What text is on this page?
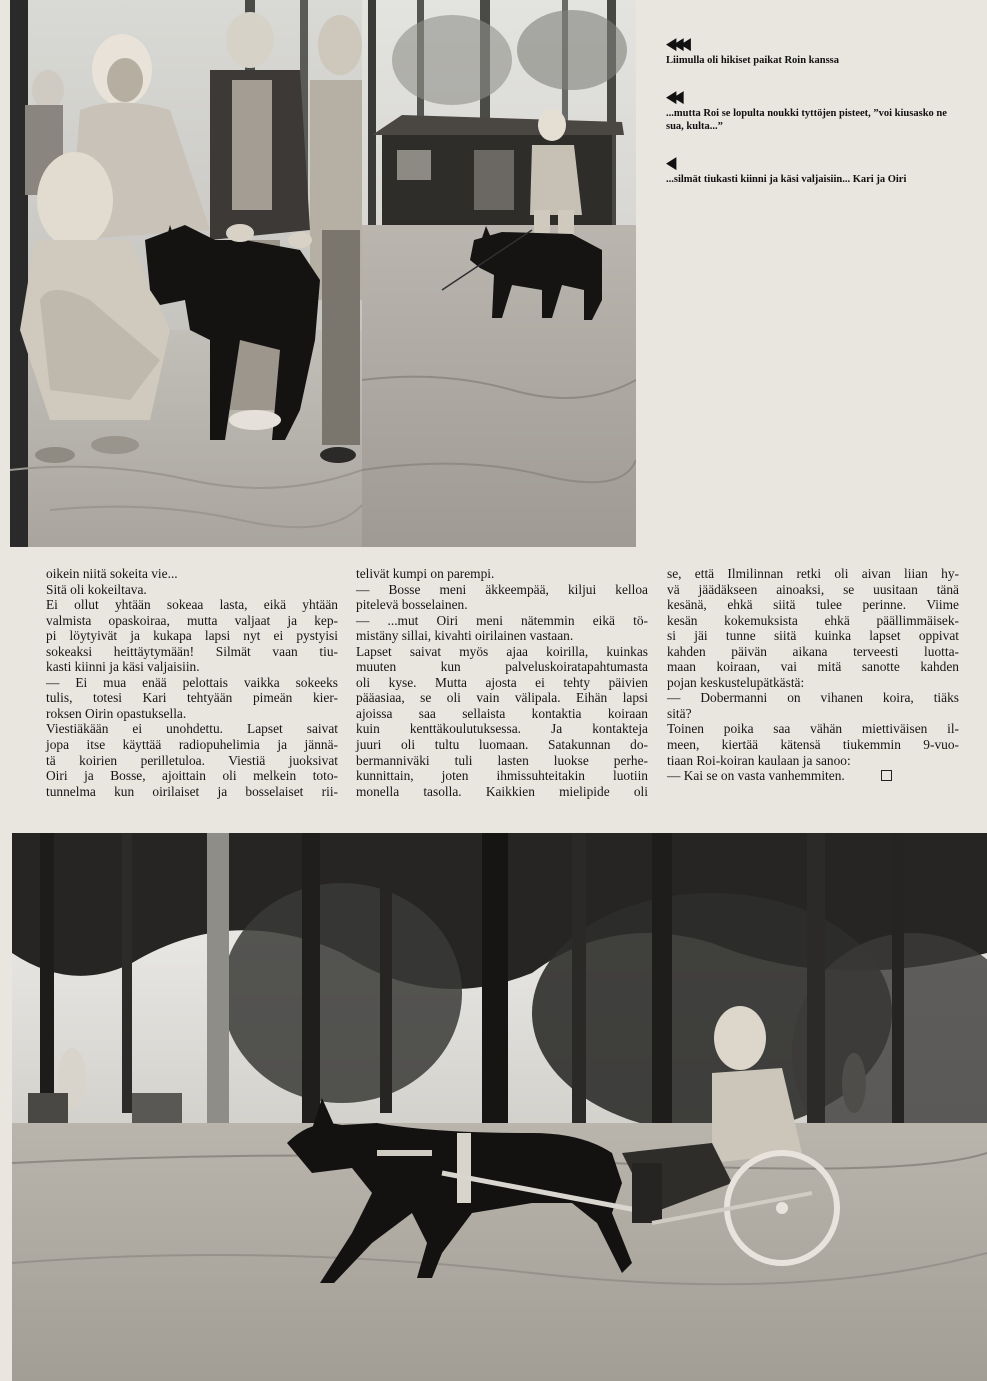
◀◀◀
Liimulla oli hikiset paikat Roin kanssa
◀◀
...mutta Roi se lopulta noukki tyttöjen pisteet, ”voi kiusasko ne sua, kulta...”
◀
...silmät tiukasti kiinni ja käsi valjaisiin... Kari ja Oiri

oikein niitä sokeita vie...

Sitä oli kokeiltava.

Ei ollut yhtään sokeaa lasta, eikä yhtään

valmista opaskoiraa, mutta valjaat ja kep-

pi löytyivät ja kukapa lapsi nyt ei pystyisi

sokeaksi heittäytymään! Silmät vaan tiu-

kasti kiinni ja käsi valjaisiin.

— Ei mua enää pelottais vaikka sokeeks

tulis, totesi Kari tehtyään pimeän kier-

roksen Oirin opastuksella.

Viestiäkään ei unohdettu. Lapset saivat

jopa itse käyttää radiopuhelimia ja jännä-

tä koirien perilletuloa. Viestiä juoksivat

Oiri ja Bosse, ajoittain oli melkein toto-

tunnelma kun oirilaiset ja bosselaiset rii-

telivät kumpi on parempi.

— Bosse meni äkkeempää, kiljui kelloa

pitelevä bosselainen.

— ...mut Oiri meni nätemmin eikä tö-

mistäny sillai, kivahti oirilainen vastaan.

Lapset saivat myös ajaa koirilla, kuinkas

muuten kun palveluskoiratapahtumasta

oli kyse. Mutta ajosta ei tehty päivien

pääasiaa, se oli vain välipala. Eihän lapsi

ajoissa saa sellaista kontaktia koiraan

kuin kenttäkoulutuksessa. Ja kontakteja

juuri oli tultu luomaan. Satakunnan do-

bermanniväki tuli lasten luokse perhe-

kunnittain, joten ihmissuhteitakin luotiin

monella tasolla. Kaikkien mielipide oli

se, että Ilmilinnan retki oli aivan liian hy-

vä jäädäkseen ainoaksi, se uusitaan tänä

kesänä, ehkä siitä tulee perinne. Viime

kesän kokemuksista ehkä päällimmäisek-

si jäi tunne siitä kuinka lapset oppivat

kahden päivän aikana terveesti luotta-

maan koiraan, vai mitä sanotte kahden

pojan keskustelupätkästä:

— Dobermanni on vihanen koira, tiäks

sitä?

Toinen poika saa vähän miettiväisen il-

meen, kiertää kätensä tiukemmin 9-vuo-

tiaan Roi-koiran kaulaan ja sanoo:

— Kai se on vasta vanhemmiten.
